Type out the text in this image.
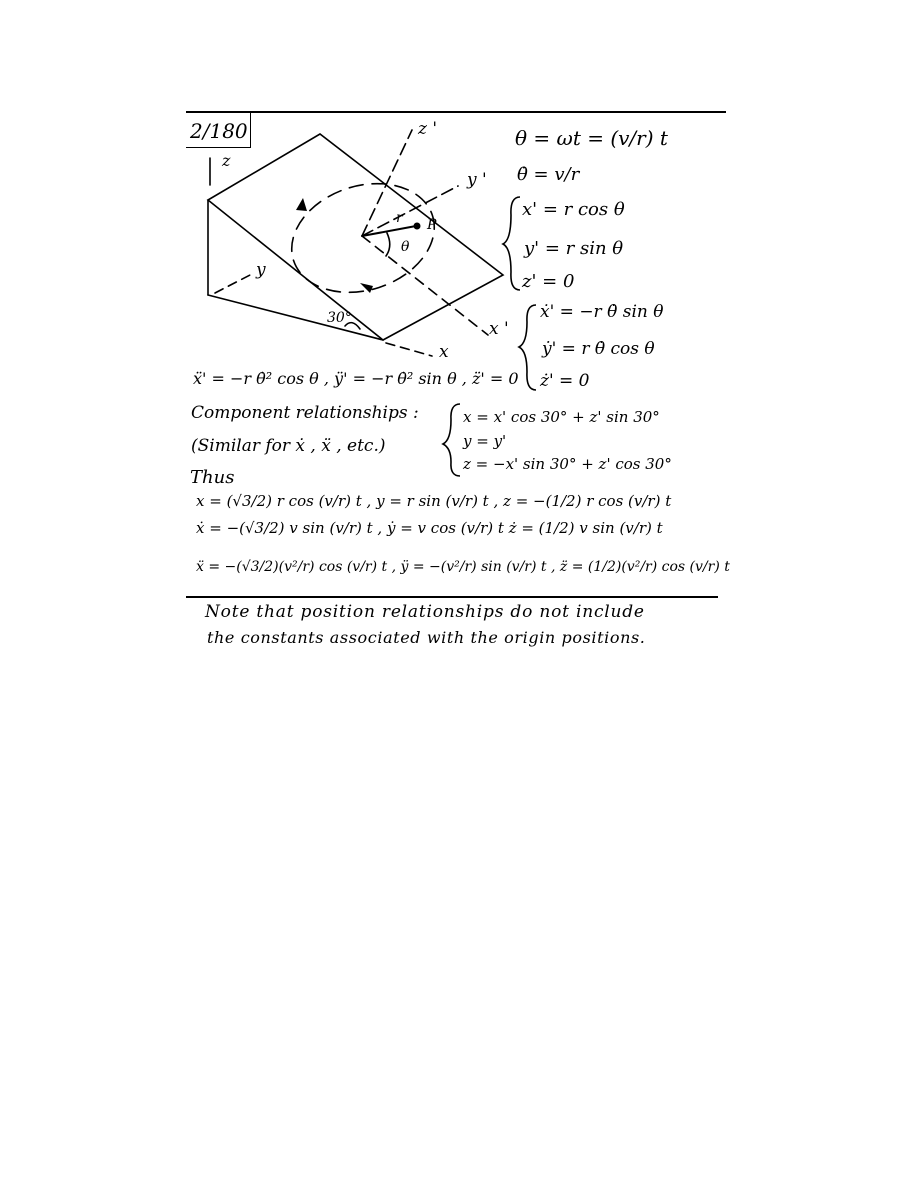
2/180
z
y
x
z '
y '
x '
r
θ
P
30°
θ = ωt = (v/r) t
θ̇ = v/r
x' = r cos θ
y' = r sin θ
z' = 0
ẋ' = −r θ̇ sin θ
ẏ' = r θ̇ cos θ
ż' = 0
ẍ' = −r θ̇² cos θ , ÿ' = −r θ̇² sin θ , z̈' = 0
Component relationships :
(Similar for ẋ , ẍ , etc.)
x = x' cos 30° + z' sin 30°
y = y'
z = −x' sin 30° + z' cos 30°
Thus
x = (√3/2) r cos (v/r) t , y = r sin (v/r) t , z = −(1/2) r cos (v/r) t
ẋ = −(√3/2) v sin (v/r) t , ẏ = v cos (v/r) t ż = (1/2) v sin (v/r) t
ẍ = −(√3/2)(v²/r) cos (v/r) t , ÿ = −(v²/r) sin (v/r) t , z̈ = (1/2)(v²/r) cos (v/r) t
Note that position relationships do not include
the constants associated with the origin positions.
